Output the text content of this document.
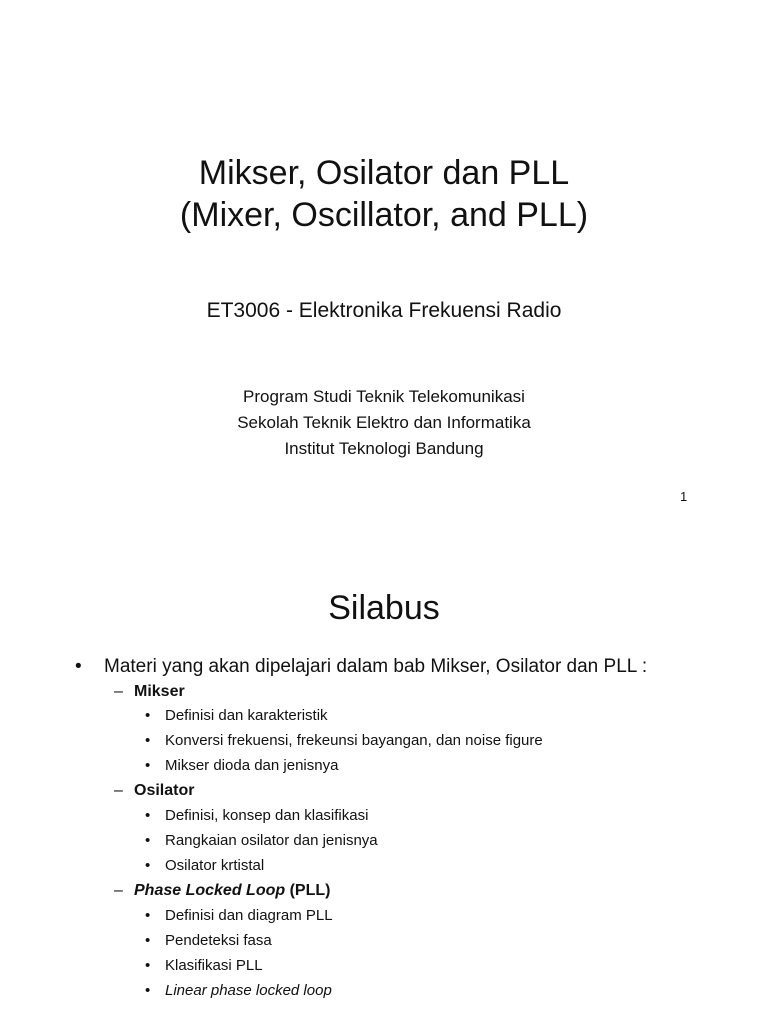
Mikser, Osilator dan PLL
(Mixer, Oscillator, and PLL)
ET3006 - Elektronika Frekuensi Radio
Program Studi Teknik Telekomunikasi
Sekolah Teknik Elektro dan Informatika
Institut Teknologi Bandung
1
Silabus
• Materi yang akan dipelajari dalam bab Mikser, Osilator dan PLL :
– Mikser
• Definisi dan karakteristik
• Konversi frekuensi, frekeunsi bayangan, dan noise figure
• Mikser dioda dan jenisnya
– Osilator
• Definisi, konsep dan klasifikasi
• Rangkaian osilator dan jenisnya
• Osilator krtistal
– Phase Locked Loop (PLL)
• Definisi dan diagram PLL
• Pendeteksi fasa
• Klasifikasi PLL
• Linear phase locked loop
